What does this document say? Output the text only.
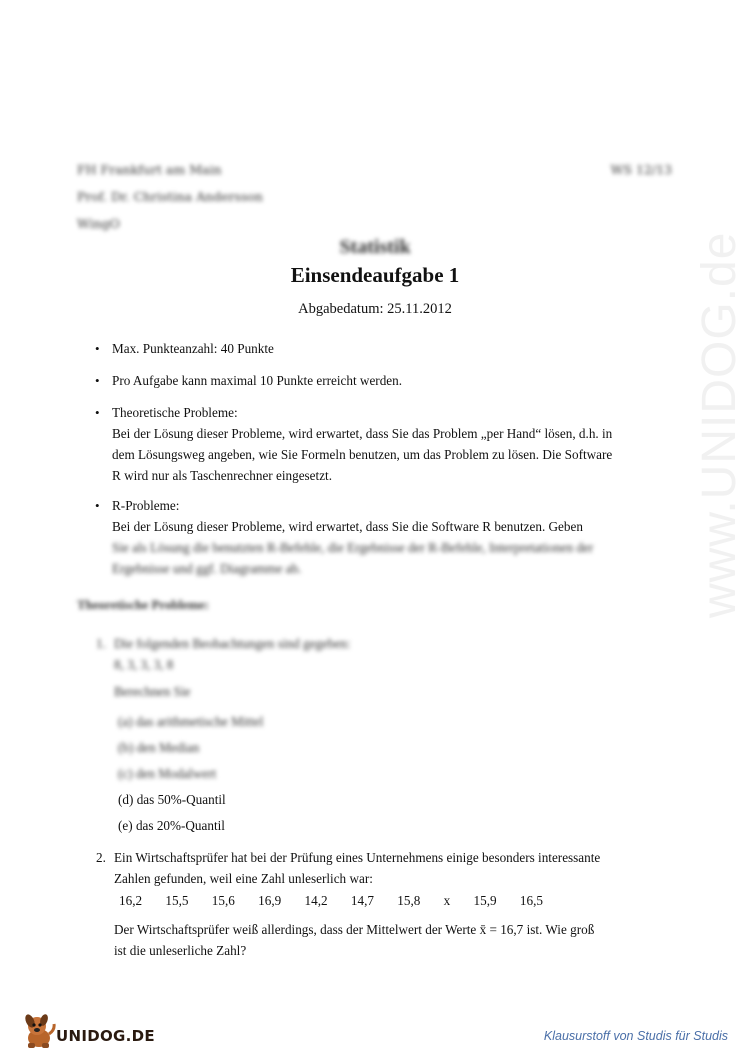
www.UNIDOG.de
FH Frankfurt am Main
Prof. Dr. Christina Andersson
WingO
WS 12/13
Statistik
Einsendeaufgabe 1
Abgabedatum: 25.11.2012
• Max. Punkteanzahl: 40 Punkte
• Pro Aufgabe kann maximal 10 Punkte erreicht werden.
• Theoretische Probleme:
Bei der Lösung dieser Probleme, wird erwartet, dass Sie das Problem „per Hand“ lösen, d.h. in
dem Lösungsweg angeben, wie Sie Formeln benutzen, um das Problem zu lösen. Die Software
R wird nur als Taschenrechner eingesetzt.
• R-Probleme:
Bei der Lösung dieser Probleme, wird erwartet, dass Sie die Software R benutzen. Geben
Sie als Lösung die benutzten R-Befehle, die Ergebnisse der R-Befehle, Interpretationen der
Ergebnisse und ggf. Diagramme ab.
Theoretische Probleme:
1. Die folgenden Beobachtungen sind gegeben:
8, 3, 3, 3, 8
Berechnen Sie
(a) das arithmetische Mittel
(b) den Median
(c) den Modalwert
(d) das 50%-Quantil
(e) das 20%-Quantil
2. Ein Wirtschaftsprüfer hat bei der Prüfung eines Unternehmens einige besonders interessante
Zahlen gefunden, weil eine Zahl unleserlich war:
16,2 15,5 15,6 16,9 14,2 14,7 15,8 x 15,9 16,5
Der Wirtschaftsprüfer weiß allerdings, dass der Mittelwert der Werte x̄ = 16,7 ist. Wie groß
ist die unleserliche Zahl?
UNIDOG.DE	Klausurstoff von Studis für Studis
